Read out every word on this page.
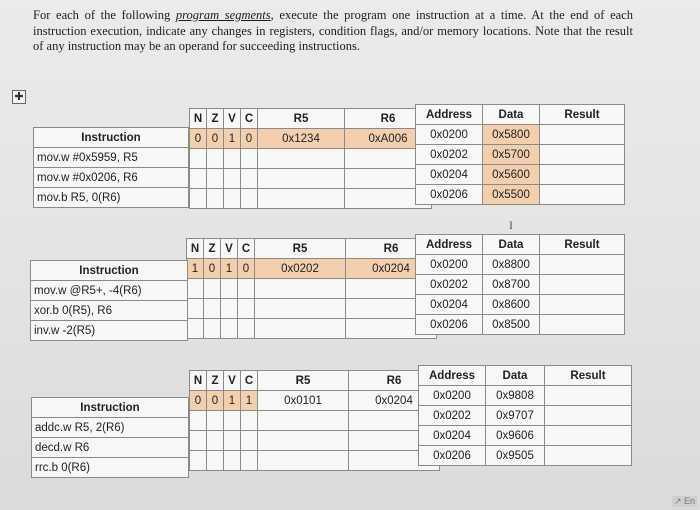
For each of the following program segments, execute the program one instruction at a time. At the end of each instruction execution, indicate any changes in registers, condition flags, and/or memory locations. Note that the result of any instruction may be an operand for succeeding instructions.
✚
N	Z	V	C	R5	R6
0	0	1	0	0x1234	0xA006

Instruction
mov.w #0x5959, R5
mov.w #0x0206, R6
mov.b R5, 0(R6)
Address	Data	Result
0x0200	0x5800	
0x0202	0x5700	
0x0204	0x5600	
0x0206	0x5500	
N	Z	V	C	R5	R6
1	0	1	0	0x0202	0x0204

Instruction
mov.w @R5+, -4(R6)
xor.b 0(R5), R6
inv.w -2(R5)
I
Address	Data	Result
0x0200	0x8800	
0x0202	0x8700	
0x0204	0x8600	
0x0206	0x8500	
N	Z	V	C	R5	R6
0	0	1	1	0x0101	0x0204

Instruction
addc.w R5, 2(R6)
decd.w R6
rrc.b 0(R6)
Address	Data	Result
0x0200	0x9808	
0x0202	0x9707	
0x0204	0x9606	
0x0206	0x9505	
↗ En
